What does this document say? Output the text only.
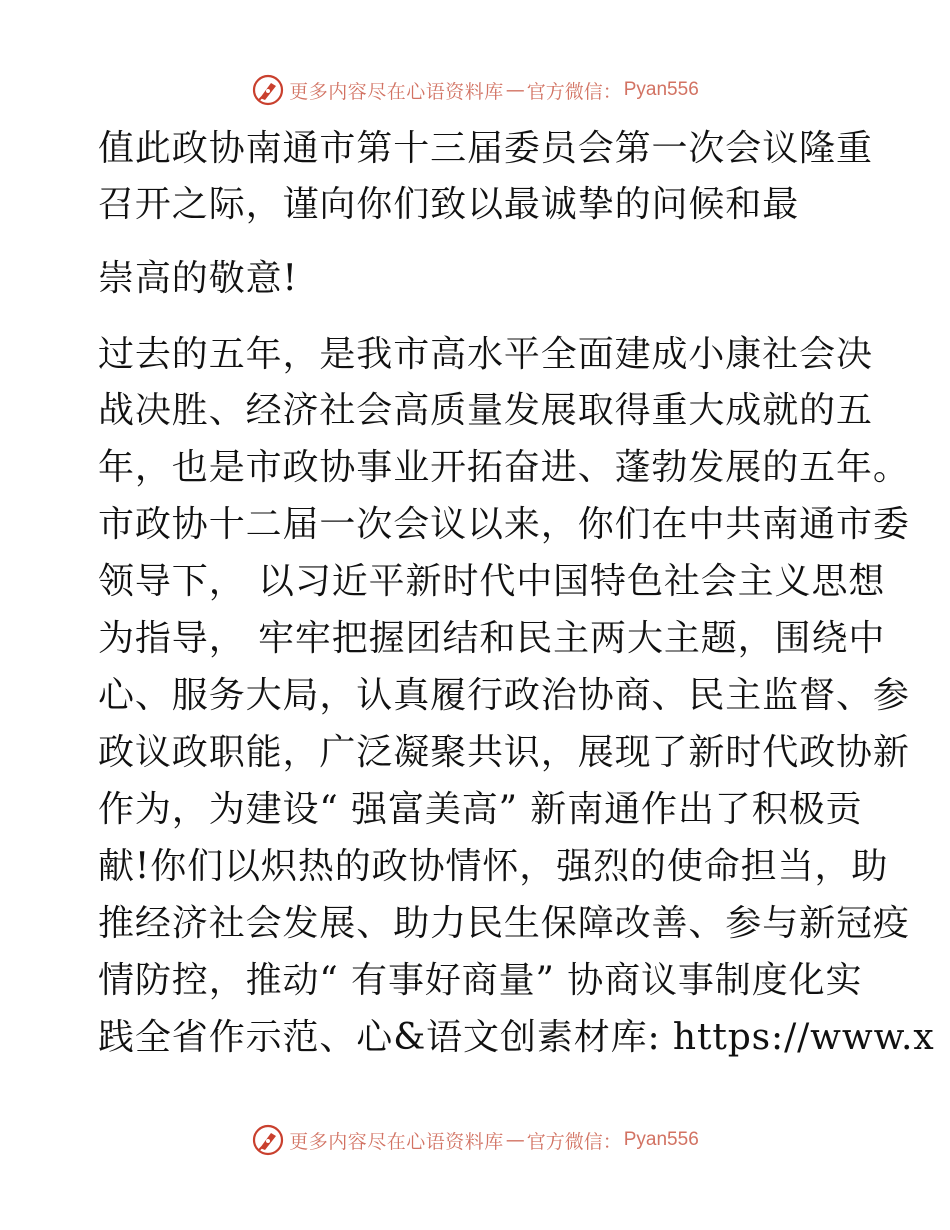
更多内容尽在心语资料库 — 官方微信： Pyan556
值此政协南通市第十三届委员会第一次会议隆重
召开之际，谨向你们致以最诚挚的问候和最
崇高的敬意!
过去的五年，是我市高水平全面建成小康社会决
战决胜、经济社会高质量发展取得重大成就的五
年，也是市政协事业开拓奋进、蓬勃发展的五年。
市政协十二届一次会议以来，你们在中共南通市委
领导下， 以习近平新时代中国特色社会主义思想
为指导， 牢牢把握团结和民主两大主题，围绕中
心、服务大局，认真履行政治协商、民主监督、参
政议政职能，广泛凝聚共识，展现了新时代政协新
作为，为建设“ 强富美高” 新南通作出了积极贡
献!你们以炽热的政协情怀，强烈的使命担当，助
推经济社会发展、助力民生保障改善、参与新冠疫
情防控，推动“ 有事好商量” 协商议事制度化实
践全省作示范、心&语文创素材库: https://www.x
更多内容尽在心语资料库 — 官方微信： Pyan556
